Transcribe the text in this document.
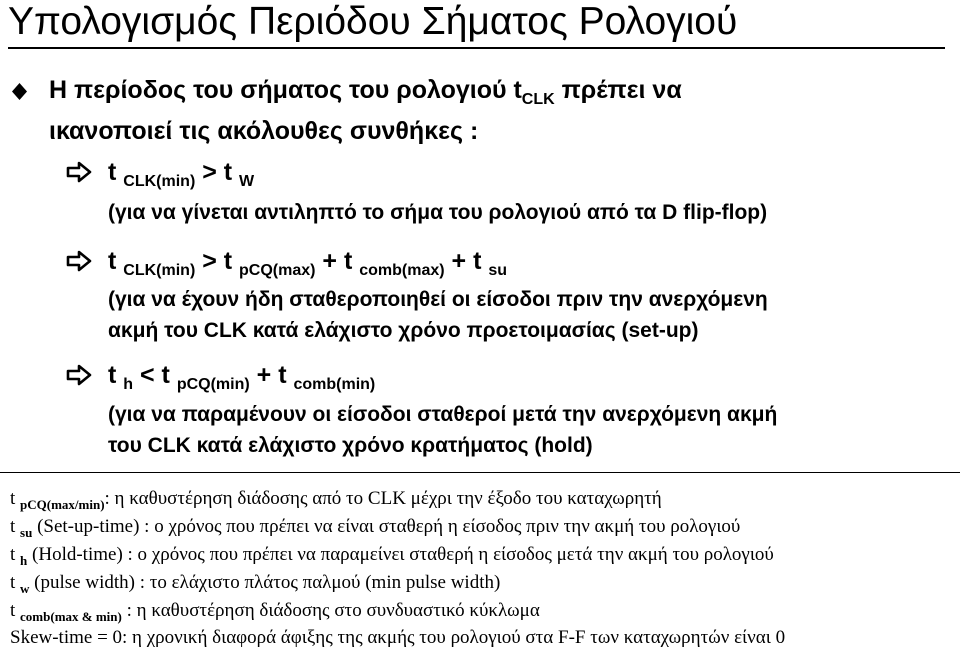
Υπολογισμός Περιόδου Σήματος Ρολογιού
Η περίοδος του σήματος του ρολογιού $t_{CLK}$ πρέπει να
ικανοποιεί τις ακόλουθες συνθήκες :
t $_{CLK(min)}$ > t $_W$
(για να γίνεται αντιληπτό το σήμα του ρολογιού από τα D flip-flop)
t $_{CLK(min)}$ > t $_{pCQ(max)}$ + t $_{comb(max)}$ + t $_{su}$
(για να έχουν ήδη σταθεροποιηθεί οι είσοδοι πριν την ανερχόμενη
ακμή του CLK κατά ελάχιστο χρόνο προετοιμασίας (set-up)
t $_h$ < t $_{pCQ(min)}$ + t $_{comb(min)}$
(για να παραμένουν οι είσοδοι σταθεροί μετά την ανερχόμενη ακμή
του CLK κατά ελάχιστο χρόνο κρατήματος (hold)
t $_{pCQ(max/min)}$: η καθυστέρηση διάδοσης από το CLK μέχρι την έξοδο του καταχωρητή
t $_{su}$ (Set-up-time) : ο χρόνος που πρέπει να είναι σταθερή η είσοδος πριν την ακμή του ρολογιού
t $_h$ (Hold-time) : ο χρόνος που πρέπει να παραμείνει σταθερή η είσοδος μετά την ακμή του ρολογιού
t $_w$ (pulse width) : το ελάχιστο πλάτος παλμού (min pulse width)
t $_{comb(max \& min)}$ : η καθυστέρηση διάδοσης στο συνδυαστικό κύκλωμα
Skew-time = 0: η χρονική διαφορά άφιξης της ακμής του ρολογιού στα F-F των καταχωρητών είναι 0
